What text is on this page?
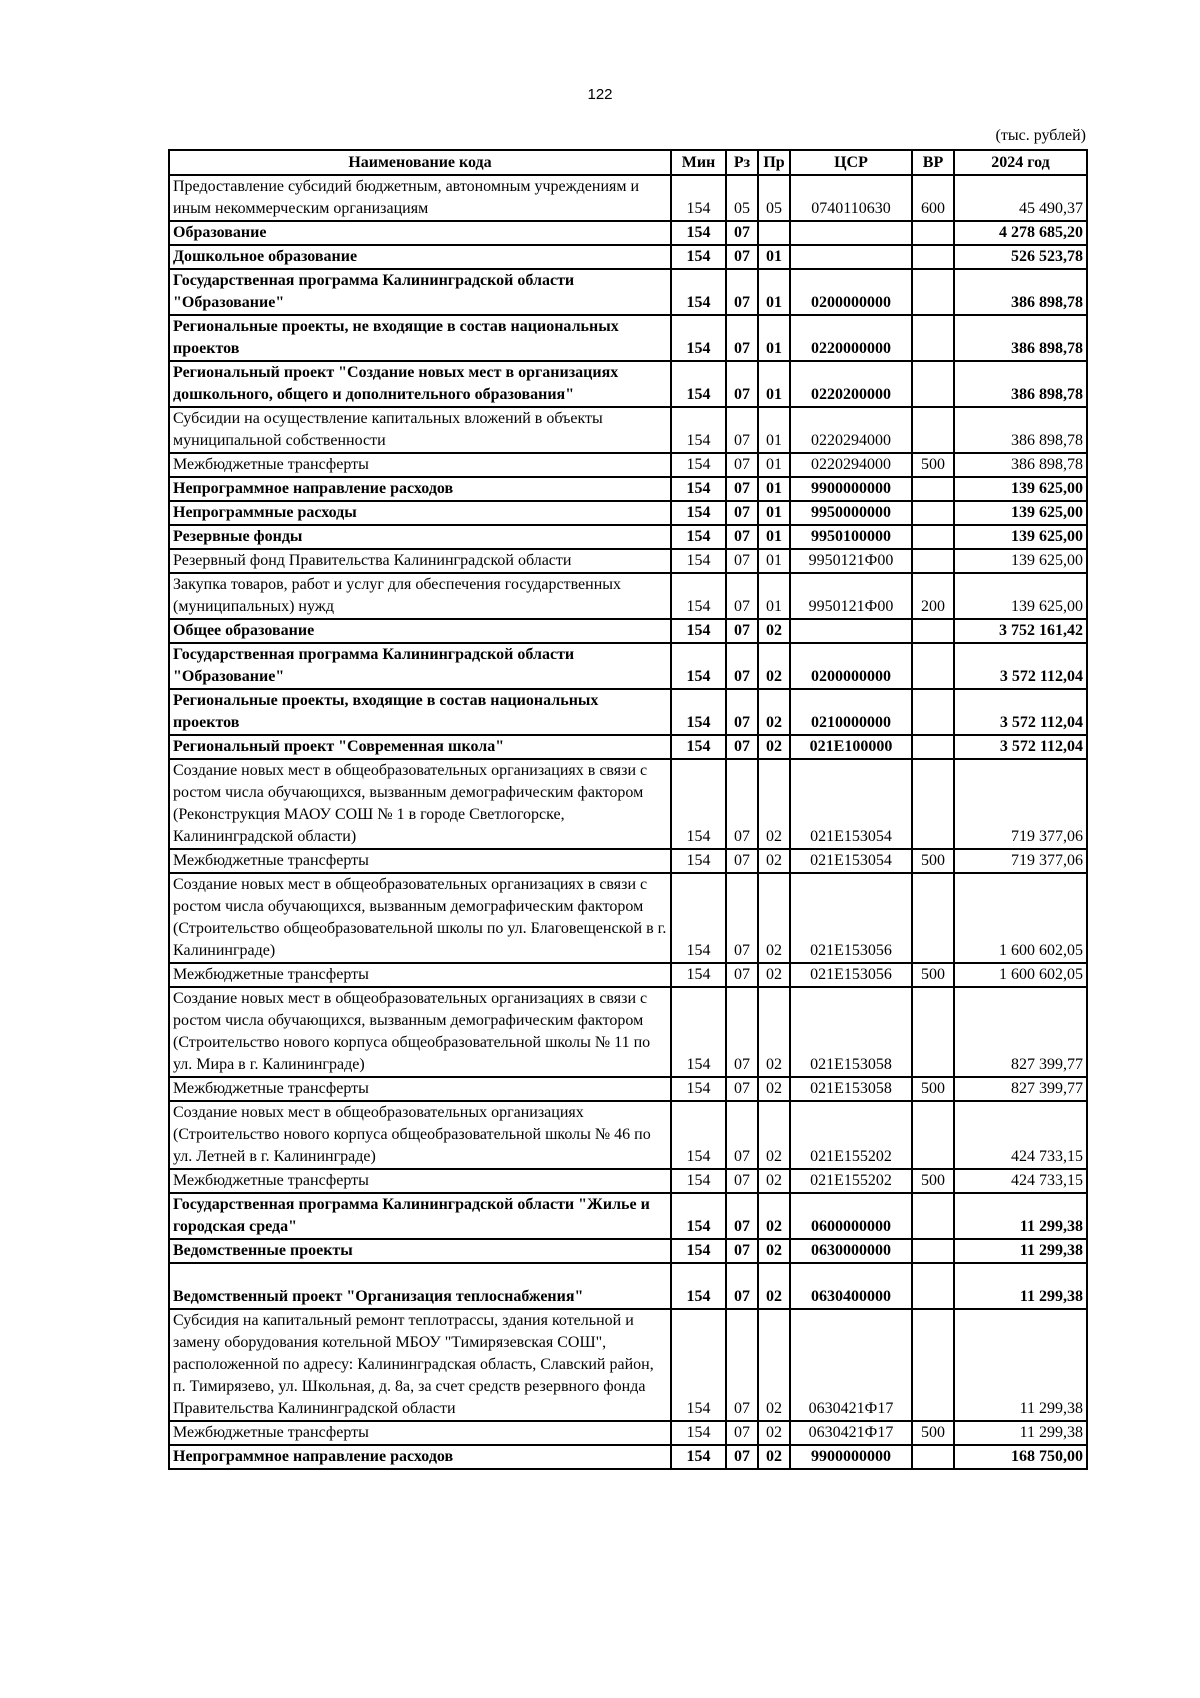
122
(тыс. рублей)
Наименование кода	Мин	Рз	Пр	ЦСР	ВР	2024 год
Предоставление субсидий бюджетным, автономным учреждениям и иным некоммерческим организациям	154	05	05	0740110630	600	45 490,37
Образование	154	07				4 278 685,20
Дошкольное образование	154	07	01			526 523,78
Государственная программа Калининградской области "Образование"	154	07	01	0200000000		386 898,78
Региональные проекты, не входящие в состав национальных проектов	154	07	01	0220000000		386 898,78
Региональный проект "Создание новых мест в организациях дошкольного, общего и дополнительного образования"	154	07	01	0220200000		386 898,78
Субсидии на осуществление капитальных вложений в объекты муниципальной собственности	154	07	01	0220294000		386 898,78
Межбюджетные трансферты	154	07	01	0220294000	500	386 898,78
Непрограммное направление расходов	154	07	01	9900000000		139 625,00
Непрограммные расходы	154	07	01	9950000000		139 625,00
Резервные фонды	154	07	01	9950100000		139 625,00
Резервный фонд Правительства Калининградской области	154	07	01	9950121Ф00		139 625,00
Закупка товаров, работ и услуг для обеспечения государственных (муниципальных) нужд	154	07	01	9950121Ф00	200	139 625,00
Общее образование	154	07	02			3 752 161,42
Государственная программа Калининградской области "Образование"	154	07	02	0200000000		3 572 112,04
Региональные проекты, входящие в состав национальных проектов	154	07	02	0210000000		3 572 112,04
Региональный проект "Современная школа"	154	07	02	021Е100000		3 572 112,04
Создание новых мест в общеобразовательных организациях в связи с ростом числа обучающихся, вызванным демографическим фактором (Реконструкция МАОУ СОШ № 1 в городе Светлогорске, Калининградской области)	154	07	02	021Е153054		719 377,06
Межбюджетные трансферты	154	07	02	021Е153054	500	719 377,06
Создание новых мест в общеобразовательных организациях в связи с ростом числа обучающихся, вызванным демографическим фактором (Строительство общеобразовательной школы по ул. Благовещенской в г. Калининграде)	154	07	02	021Е153056		1 600 602,05
Межбюджетные трансферты	154	07	02	021Е153056	500	1 600 602,05
Создание новых мест в общеобразовательных организациях в связи с ростом числа обучающихся, вызванным демографическим фактором (Строительство нового корпуса общеобразовательной школы № 11 по ул. Мира в г. Калининграде)	154	07	02	021Е153058		827 399,77
Межбюджетные трансферты	154	07	02	021Е153058	500	827 399,77
Создание новых мест в общеобразовательных организациях (Строительство нового корпуса общеобразовательной школы № 46 по ул. Летней в г. Калининграде)	154	07	02	021Е155202		424 733,15
Межбюджетные трансферты	154	07	02	021Е155202	500	424 733,15
Государственная программа Калининградской области "Жилье и городская среда"	154	07	02	0600000000		11 299,38
Ведомственные проекты	154	07	02	0630000000		11 299,38
Ведомственный проект "Организация теплоснабжения"	154	07	02	0630400000		11 299,38
Субсидия на капитальный ремонт теплотрассы, здания котельной и замену оборудования котельной МБОУ "Тимирязевская СОШ", расположенной по адресу: Калининградская область, Славский район, п. Тимирязево, ул. Школьная, д. 8а, за счет средств резервного фонда Правительства Калининградской области	154	07	02	0630421Ф17		11 299,38
Межбюджетные трансферты	154	07	02	0630421Ф17	500	11 299,38
Непрограммное направление расходов	154	07	02	9900000000		168 750,00
